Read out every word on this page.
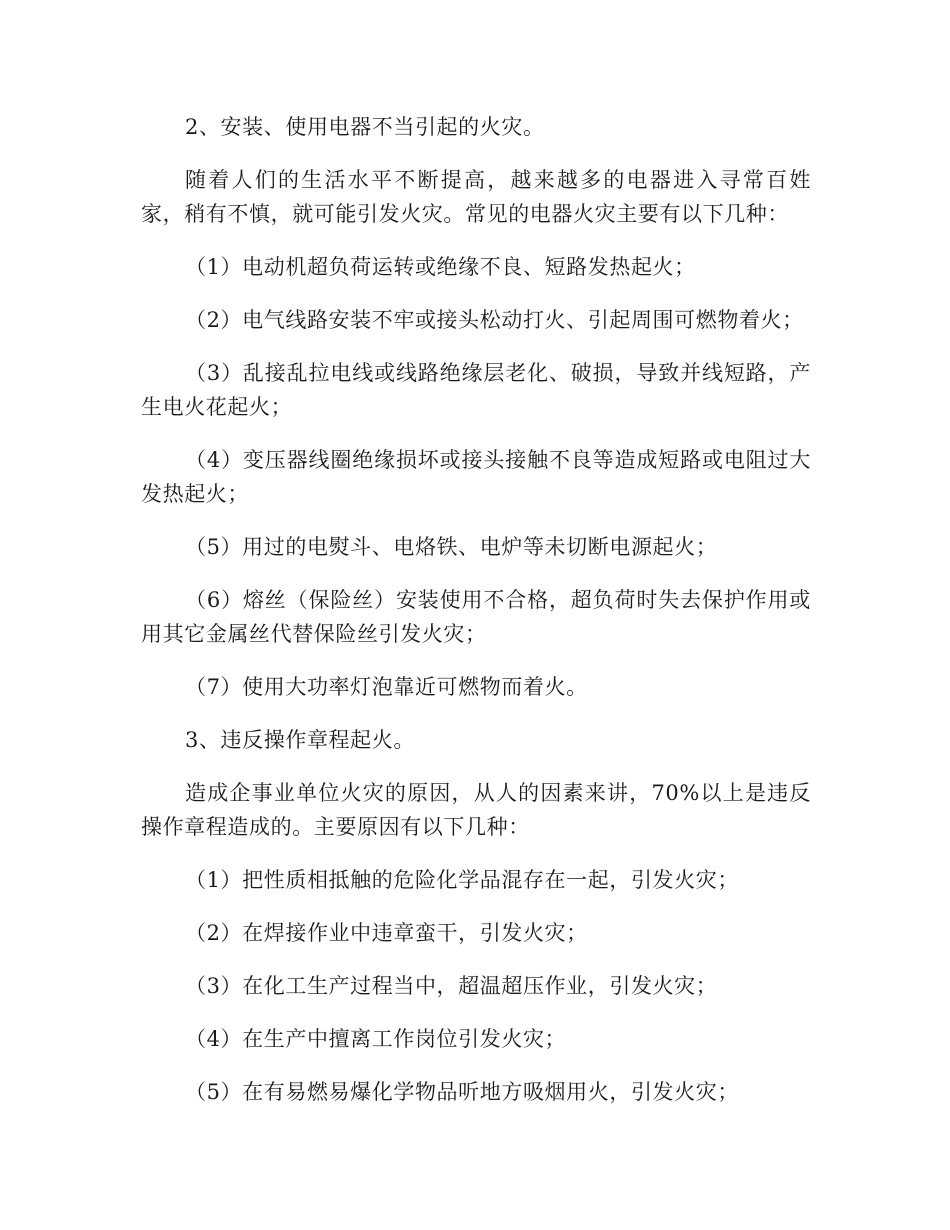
2、安装、使用电器不当引起的火灾。

随着人们的生活水平不断提高，越来越多的电器进入寻常百姓家，稍有不慎，就可能引发火灾。常见的电器火灾主要有以下几种：

（1）电动机超负荷运转或绝缘不良、短路发热起火；

（2）电气线路安装不牢或接头松动打火、引起周围可燃物着火；

（3）乱接乱拉电线或线路绝缘层老化、破损，导致并线短路，产生电火花起火；

（4）变压器线圈绝缘损坏或接头接触不良等造成短路或电阻过大发热起火；

（5）用过的电熨斗、电烙铁、电炉等未切断电源起火；

（6）熔丝（保险丝）安装使用不合格，超负荷时失去保护作用或用其它金属丝代替保险丝引发火灾；

（7）使用大功率灯泡靠近可燃物而着火。

3、违反操作章程起火。

造成企事业单位火灾的原因，从人的因素来讲，70%以上是违反操作章程造成的。主要原因有以下几种：

（1）把性质相抵触的危险化学品混存在一起，引发火灾；

（2）在焊接作业中违章蛮干，引发火灾；

（3）在化工生产过程当中，超温超压作业，引发火灾；

（4）在生产中擅离工作岗位引发火灾；

（5）在有易燃易爆化学物品听地方吸烟用火，引发火灾；
